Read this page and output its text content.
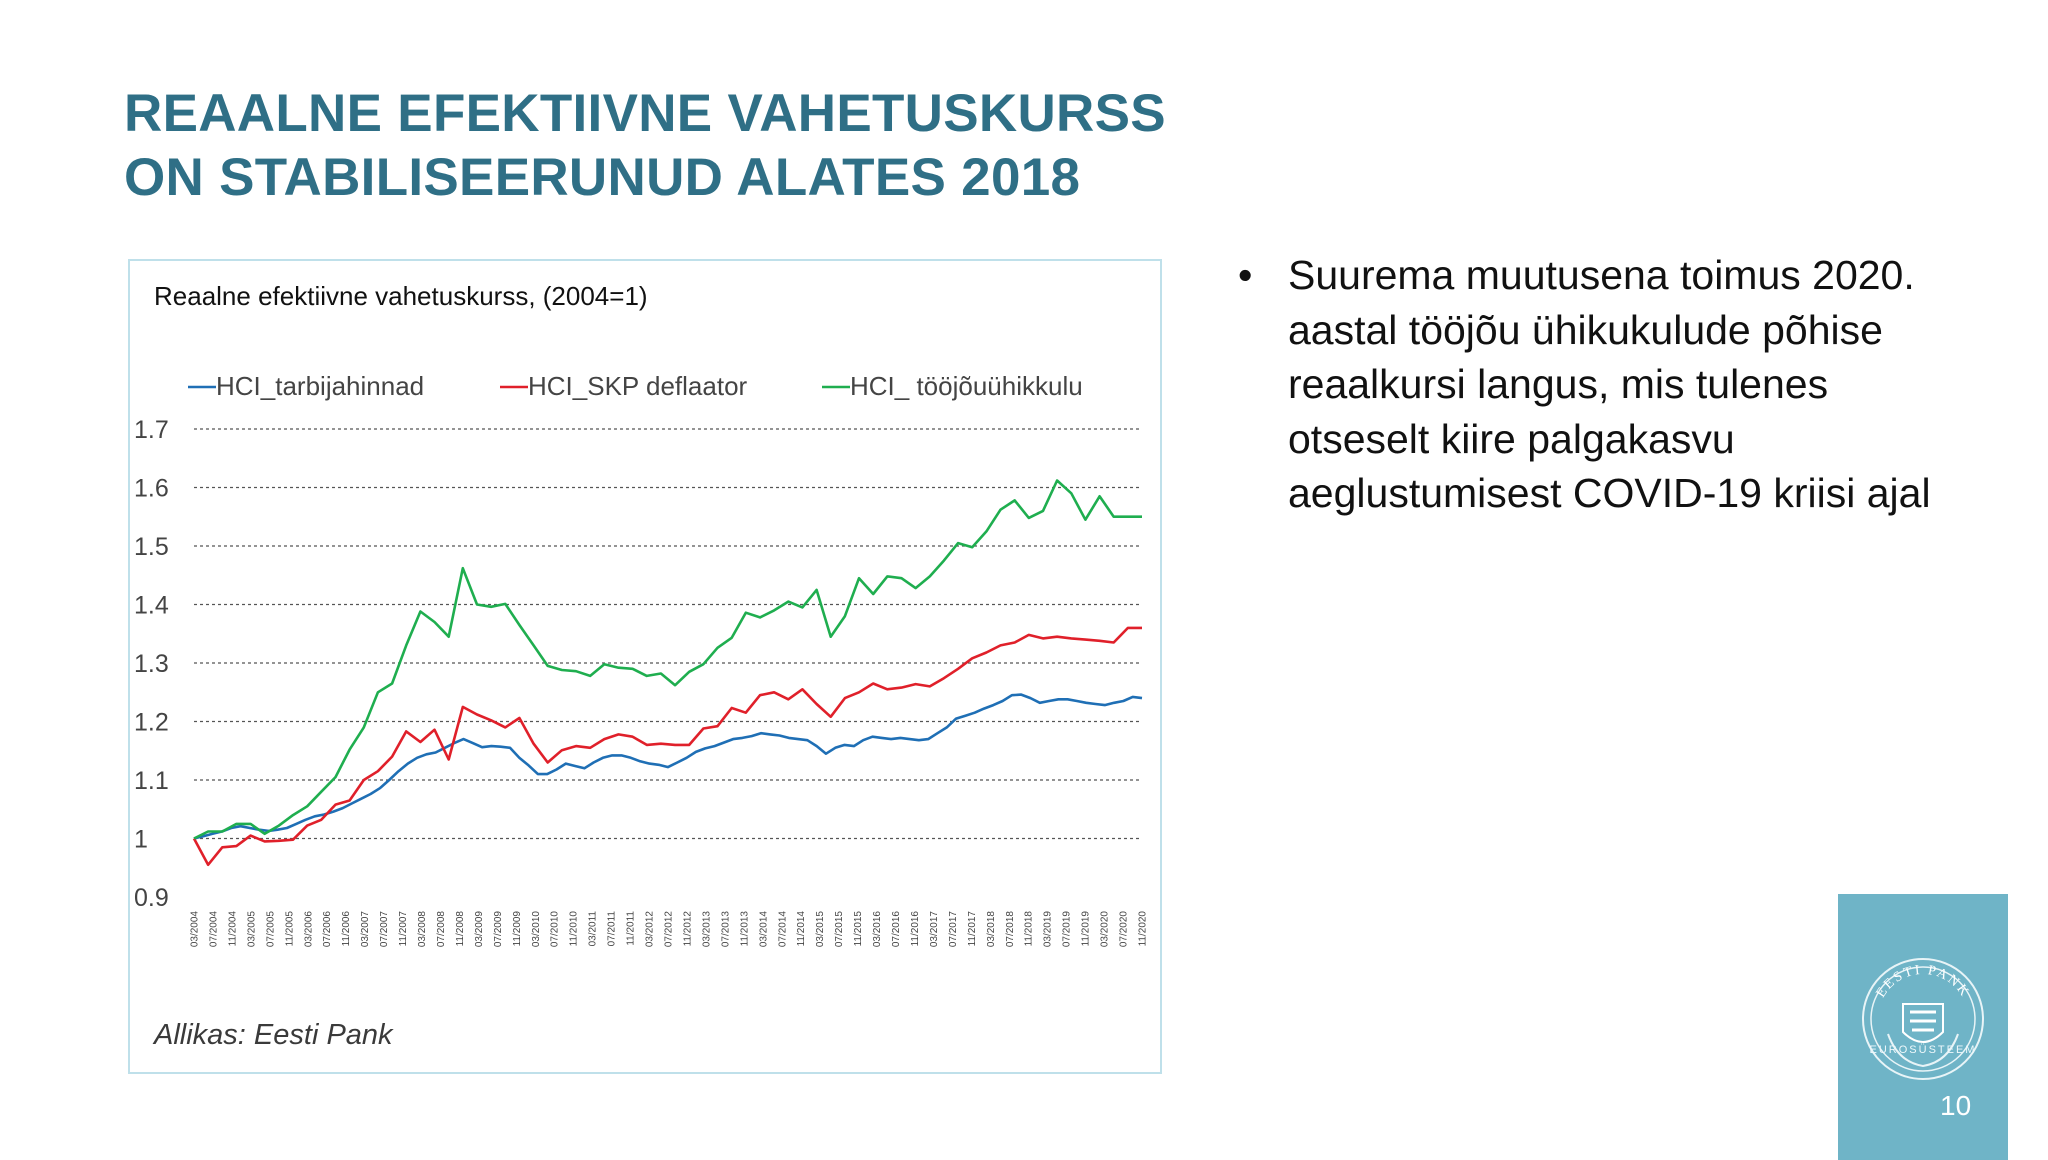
REAALNE EFEKTIIVNE VAHETUSKURSS
ON STABILISEERUNUD ALATES 2018
Reaalne efektiivne vahetuskurss, (2004=1)
HCI_tarbijahinnad	HCI_SKP deflaator	HCI_ tööjõuühikkulu
0.9
1
1.1
1.2
1.3
1.4
1.5
1.6
1.7
03/2004 07/2004 11/2004 03/2005 07/2005 11/2005 03/2006 07/2006 11/2006 03/2007 07/2007 11/2007 03/2008 07/2008 11/2008 03/2009 07/2009 11/2009 03/2010 07/2010 11/2010 03/2011 07/2011 11/2011 03/2012 07/2012 11/2012 03/2013 07/2013 11/2013 03/2014 07/2014 11/2014 03/2015 07/2015 11/2015 03/2016 07/2016 11/2016 03/2017 07/2017 11/2017 03/2018 07/2018 11/2018 03/2019 07/2019 11/2019 03/2020 07/2020 11/2020
Allikas: Eesti Pank
• Suurema muutusena toimus 2020. aastal tööjõu ühikukulude põhise reaalkursi langus, mis tulenes otseselt kiire palgakasvu aeglustumisest COVID-19 kriisi ajal
EESTI PANK
EUROSÜSTEEM
10
